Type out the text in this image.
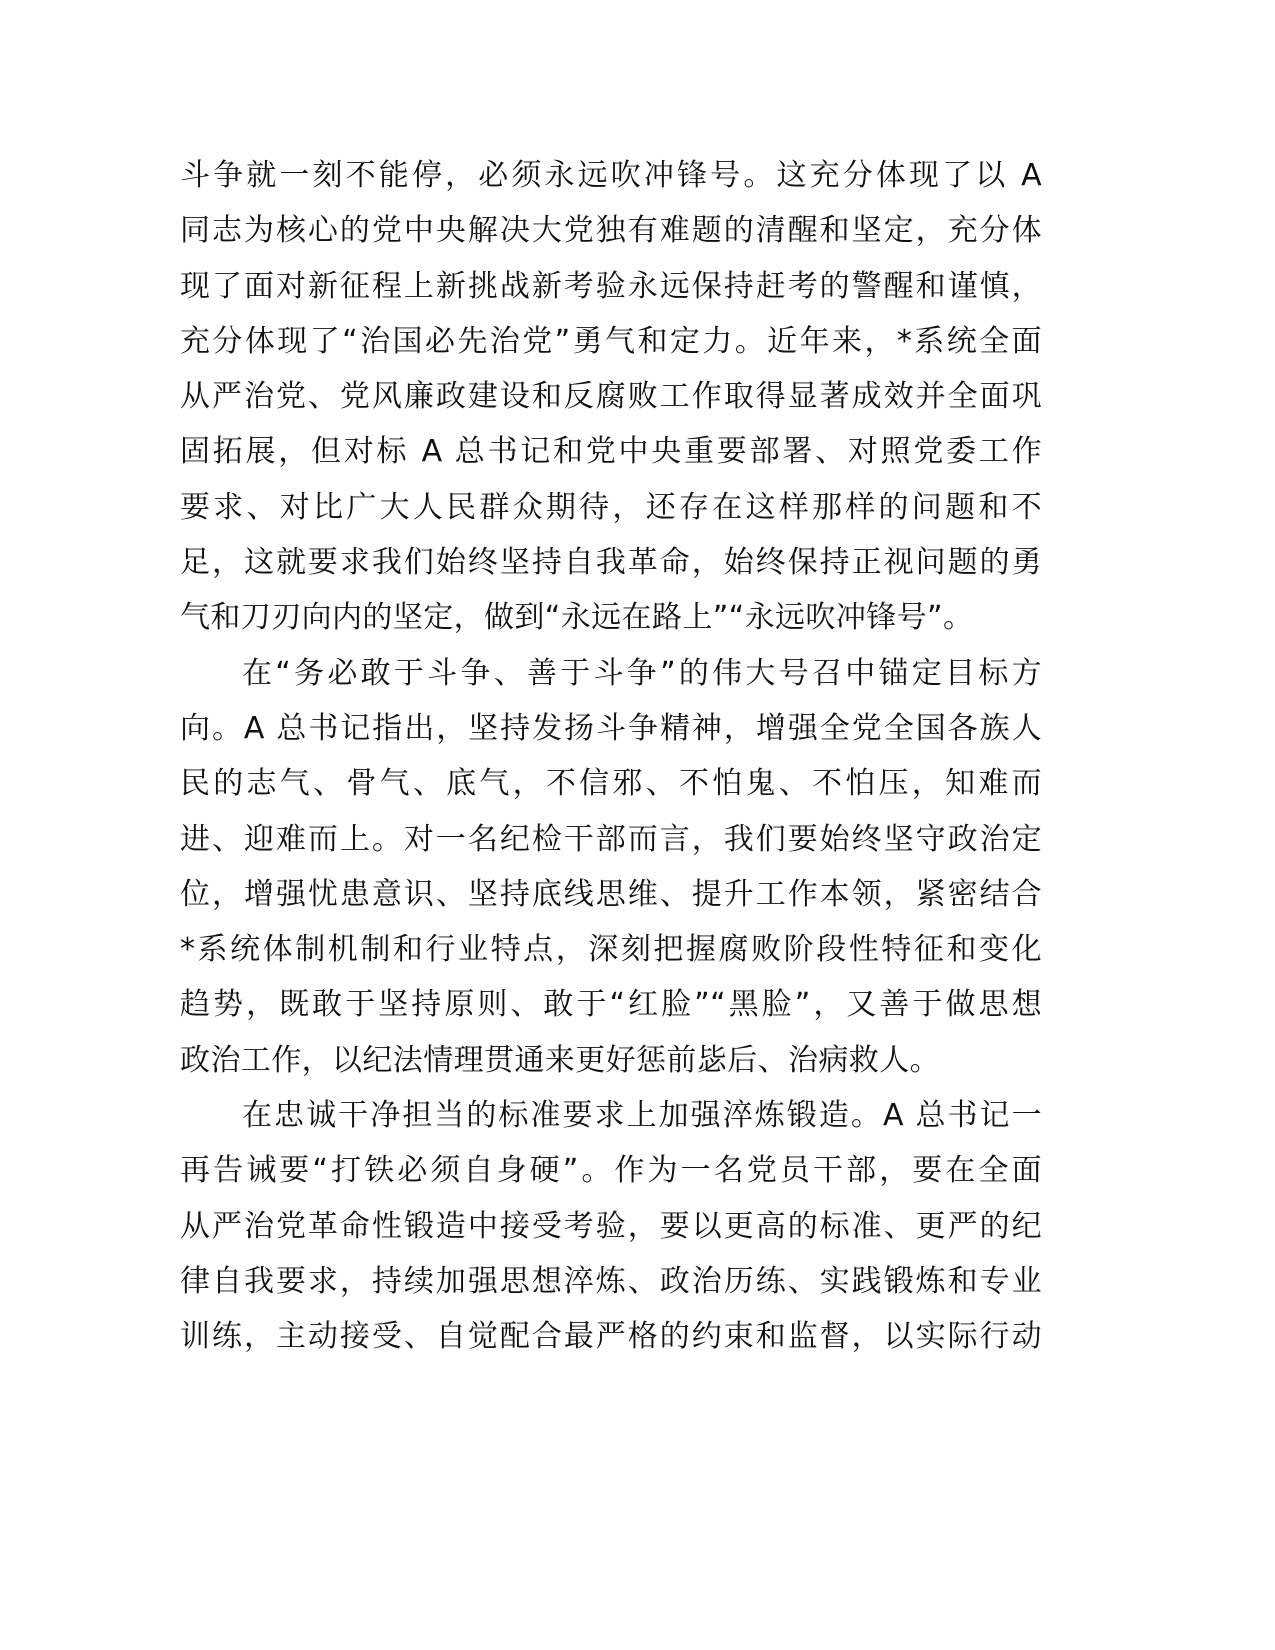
斗争就一刻不能停，必须永远吹冲锋号。这充分体现了以 A
同志为核心的党中央解决大党独有难题的清醒和坚定，充分体
现了面对新征程上新挑战新考验永远保持赶考的警醒和谨慎，
充分体现了“治国必先治党”勇气和定力。近年来，*系统全面
从严治党、党风廉政建设和反腐败工作取得显著成效并全面巩
固拓展，但对标 A 总书记和党中央重要部署、对照党委工作
要求、对比广大人民群众期待，还存在这样那样的问题和不
足，这就要求我们始终坚持自我革命，始终保持正视问题的勇
气和刀刃向内的坚定，做到“永远在路上”“永远吹冲锋号”。
在“务必敢于斗争、善于斗争”的伟大号召中锚定目标方
向。A 总书记指出，坚持发扬斗争精神，增强全党全国各族人
民的志气、骨气、底气，不信邪、不怕鬼、不怕压，知难而
进、迎难而上。对一名纪检干部而言，我们要始终坚守政治定
位，增强忧患意识、坚持底线思维、提升工作本领，紧密结合
*系统体制机制和行业特点，深刻把握腐败阶段性特征和变化
趋势，既敢于坚持原则、敢于“红脸”“黑脸”，又善于做思想
政治工作，以纪法情理贯通来更好惩前毖后、治病救人。
在忠诚干净担当的标准要求上加强淬炼锻造。A 总书记一
再告诫要“打铁必须自身硬”。作为一名党员干部，要在全面
从严治党革命性锻造中接受考验，要以更高的标准、更严的纪
律自我要求，持续加强思想淬炼、政治历练、实践锻炼和专业
训练，主动接受、自觉配合最严格的约束和监督，以实际行动
